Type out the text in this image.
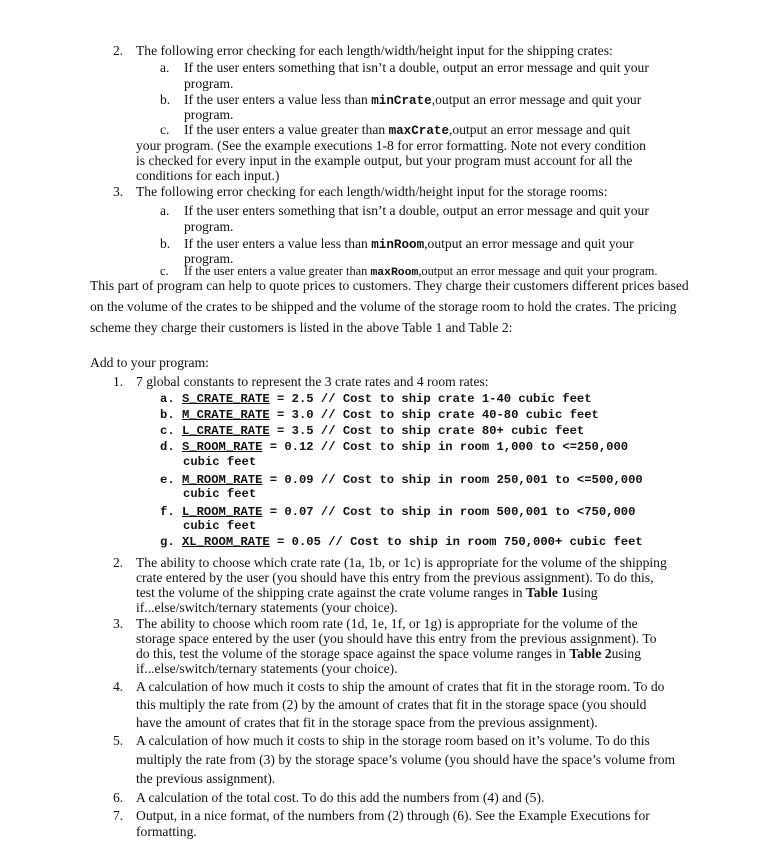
2. The following error checking for each length/width/height input for the shipping crates:
a. If the user enters something that isn’t a double, output an error message and quit your
program.
b. If the user enters a value less than minCrate,output an error message and quit your
program.
c. If the user enters a value greater than maxCrate,output an error message and quit
your program. (See the example executions 1-8 for error formatting. Note not every condition
is checked for every input in the example output, but your program must account for all the
conditions for each input.)
3. The following error checking for each length/width/height input for the storage rooms:
a. If the user enters something that isn’t a double, output an error message and quit your
program.
b. If the user enters a value less than minRoom,output an error message and quit your
program.
c. If the user enters a value greater than maxRoom,output an error message and quit your program.
This part of program can help to quote prices to customers. They charge their customers different prices based
on the volume of the crates to be shipped and the volume of the storage room to hold the crates. The pricing
scheme they charge their customers is listed in the above Table 1 and Table 2:
Add to your program:
1. 7 global constants to represent the 3 crate rates and 4 room rates:
a. S_CRATE_RATE = 2.5 // Cost to ship crate 1-40 cubic feet
b. M_CRATE_RATE = 3.0 // Cost to ship crate 40-80 cubic feet
c. L_CRATE_RATE = 3.5 // Cost to ship crate 80+ cubic feet
d. S_ROOM_RATE = 0.12 // Cost to ship in room 1,000 to <=250,000
cubic feet
e. M_ROOM_RATE = 0.09 // Cost to ship in room 250,001 to <=500,000
cubic feet
f. L_ROOM_RATE = 0.07 // Cost to ship in room 500,001 to <750,000
cubic feet
g. XL_ROOM_RATE = 0.05 // Cost to ship in room 750,000+ cubic feet
2. The ability to choose which crate rate (1a, 1b, or 1c) is appropriate for the volume of the shipping
crate entered by the user (you should have this entry from the previous assignment). To do this,
test the volume of the shipping crate against the crate volume ranges in Table 1using
if...else/switch/ternary statements (your choice).
3. The ability to choose which room rate (1d, 1e, 1f, or 1g) is appropriate for the volume of the
storage space entered by the user (you should have this entry from the previous assignment). To
do this, test the volume of the storage space against the space volume ranges in Table 2using
if...else/switch/ternary statements (your choice).
4. A calculation of how much it costs to ship the amount of crates that fit in the storage room. To do
this multiply the rate from (2) by the amount of crates that fit in the storage space (you should
have the amount of crates that fit in the storage space from the previous assignment).
5. A calculation of how much it costs to ship in the storage room based on it’s volume. To do this
multiply the rate from (3) by the storage space’s volume (you should have the space’s volume from
the previous assignment).
6. A calculation of the total cost. To do this add the numbers from (4) and (5).
7. Output, in a nice format, of the numbers from (2) through (6). See the Example Executions for
formatting.
